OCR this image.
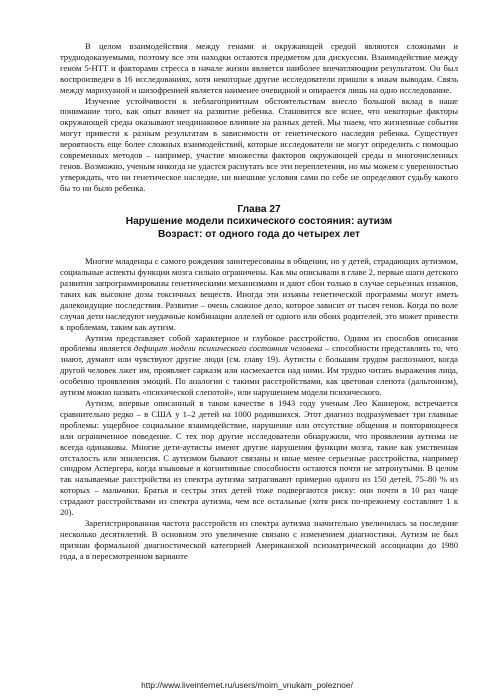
В целом взаимодействия между генами и окружающей средой являются сложными и труднодоказуемыми, поэтому все эти находки остаются предметом для дискуссии. Взаимодействие между геном 5-HTT и факторами стресса в начале жизни является наиболее впечатляющим результатом. Он был воспроизведен в 16 исследованиях, хотя некоторые другие исследователи пришли к иным выводам. Связь между марихуаной и шизофренией является наименее очевидной и опирается лишь на одно исследование.

Изучение устойчивости к неблагоприятным обстоятельствам внесло большой вклад в наше понимание того, как опыт влияет на развитие ребенка. Становится все яснее, что некоторые факторы окружающей среды оказывают неодинаковое влияние на разных детей. Мы знаем, что жизненные события могут привести к разным результатам в зависимости от генетического наследия ребенка. Существует вероятность еще более сложных взаимодействий, которые исследователи не могут определить с помощью современных методов – например, участие множества факторов окружающей среды и многочисленных генов. Возможно, ученым никогда не удастся распутать все эти переплетения, но мы можем с уверенностью утверждать, что ни генетическое наследие, ни внешние условия сами по себе не определяют судьбу какого бы то ни было ребенка.

Глава 27

Нарушение модели психического состояния: аутизм

Возраст: от одного года до четырех лет

Многие младенцы с самого рождения заинтересованы в общении, но у детей, страдающих аутизмом, социальные аспекты функции мозга сильно ограничены. Как мы описывали в главе 2, первые шаги детского развития запрограммированы генетическими механизмами и дают сбои только в случае серьезных изъянов, таких как высокие дозы токсичных веществ. Иногда эти изъяны генетической программы могут иметь далекоидущие последствия. Развитие – очень сложное дело, которое зависит от тысяч генов. Когда по воле случая дети наследуют неудачные комбинации аллелей от одного или обоих родителей, это может привести к проблемам, таким как аутизм.

Аутизм представляет собой характерное и глубокое расстройство. Одним из способов описания проблемы является дефицит модели психического состояния человека – способности представлять то, что знают, думают или чувствуют другие люди (см. главу 19). Аутисты с большим трудом распознают, когда другой человек лжет им, проявляет сарказм или насмехается над ними. Им трудно читать выражения лица, особенно проявления эмоций. По аналогии с такими расстройствами, как цветовая слепота (дальтонизм), аутизм можно назвать «психической слепотой», или нарушением модели психического.

Аутизм, впервые описанный в таком качестве в 1943 году ученым Лео Каннером, встречается сравнительно редко – в США у 1–2 детей на 1000 родившихся. Этот диагноз подразумевает три главные проблемы: ущербное социальное взаимодействие, нарушение или отсутствие общения и повторяющееся или ограниченное поведение. С тех пор другие исследователи обнаружили, что проявления аутизма не всегда одинаковы. Многие дети-аутисты имеют другие нарушения функции мозга, такие как умственная отсталость или эпилепсия. С аутизмом бывают связаны и иные менее серьезные расстройства, например синдром Аспергера, когда языковые и когнитивные способности остаются почти не затронутыми. В целом так называемые расстройства из спектра аутизма затрагивают примерно одного из 150 детей, 75–80 % из которых – мальчики. Братья и сестры этих детей тоже подвергаются риску: они почти в 10 раз чаще страдают расстройствами из спектра аутизма, чем все остальные (хотя риск по-прежнему составляет 1 к 20).

Зарегистрированная частота расстройств из спектра аутизма значительно увеличилась за последние несколько десятилетий. В основном это увеличение связано с изменением диагностики. Аутизм не был признан формальной диагностической категорией Американской психиатрической ассоциации до 1980 года, а в пересмотренном варианте

http://www.liveinternet.ru/users/moim_vnukam_poleznoe/
